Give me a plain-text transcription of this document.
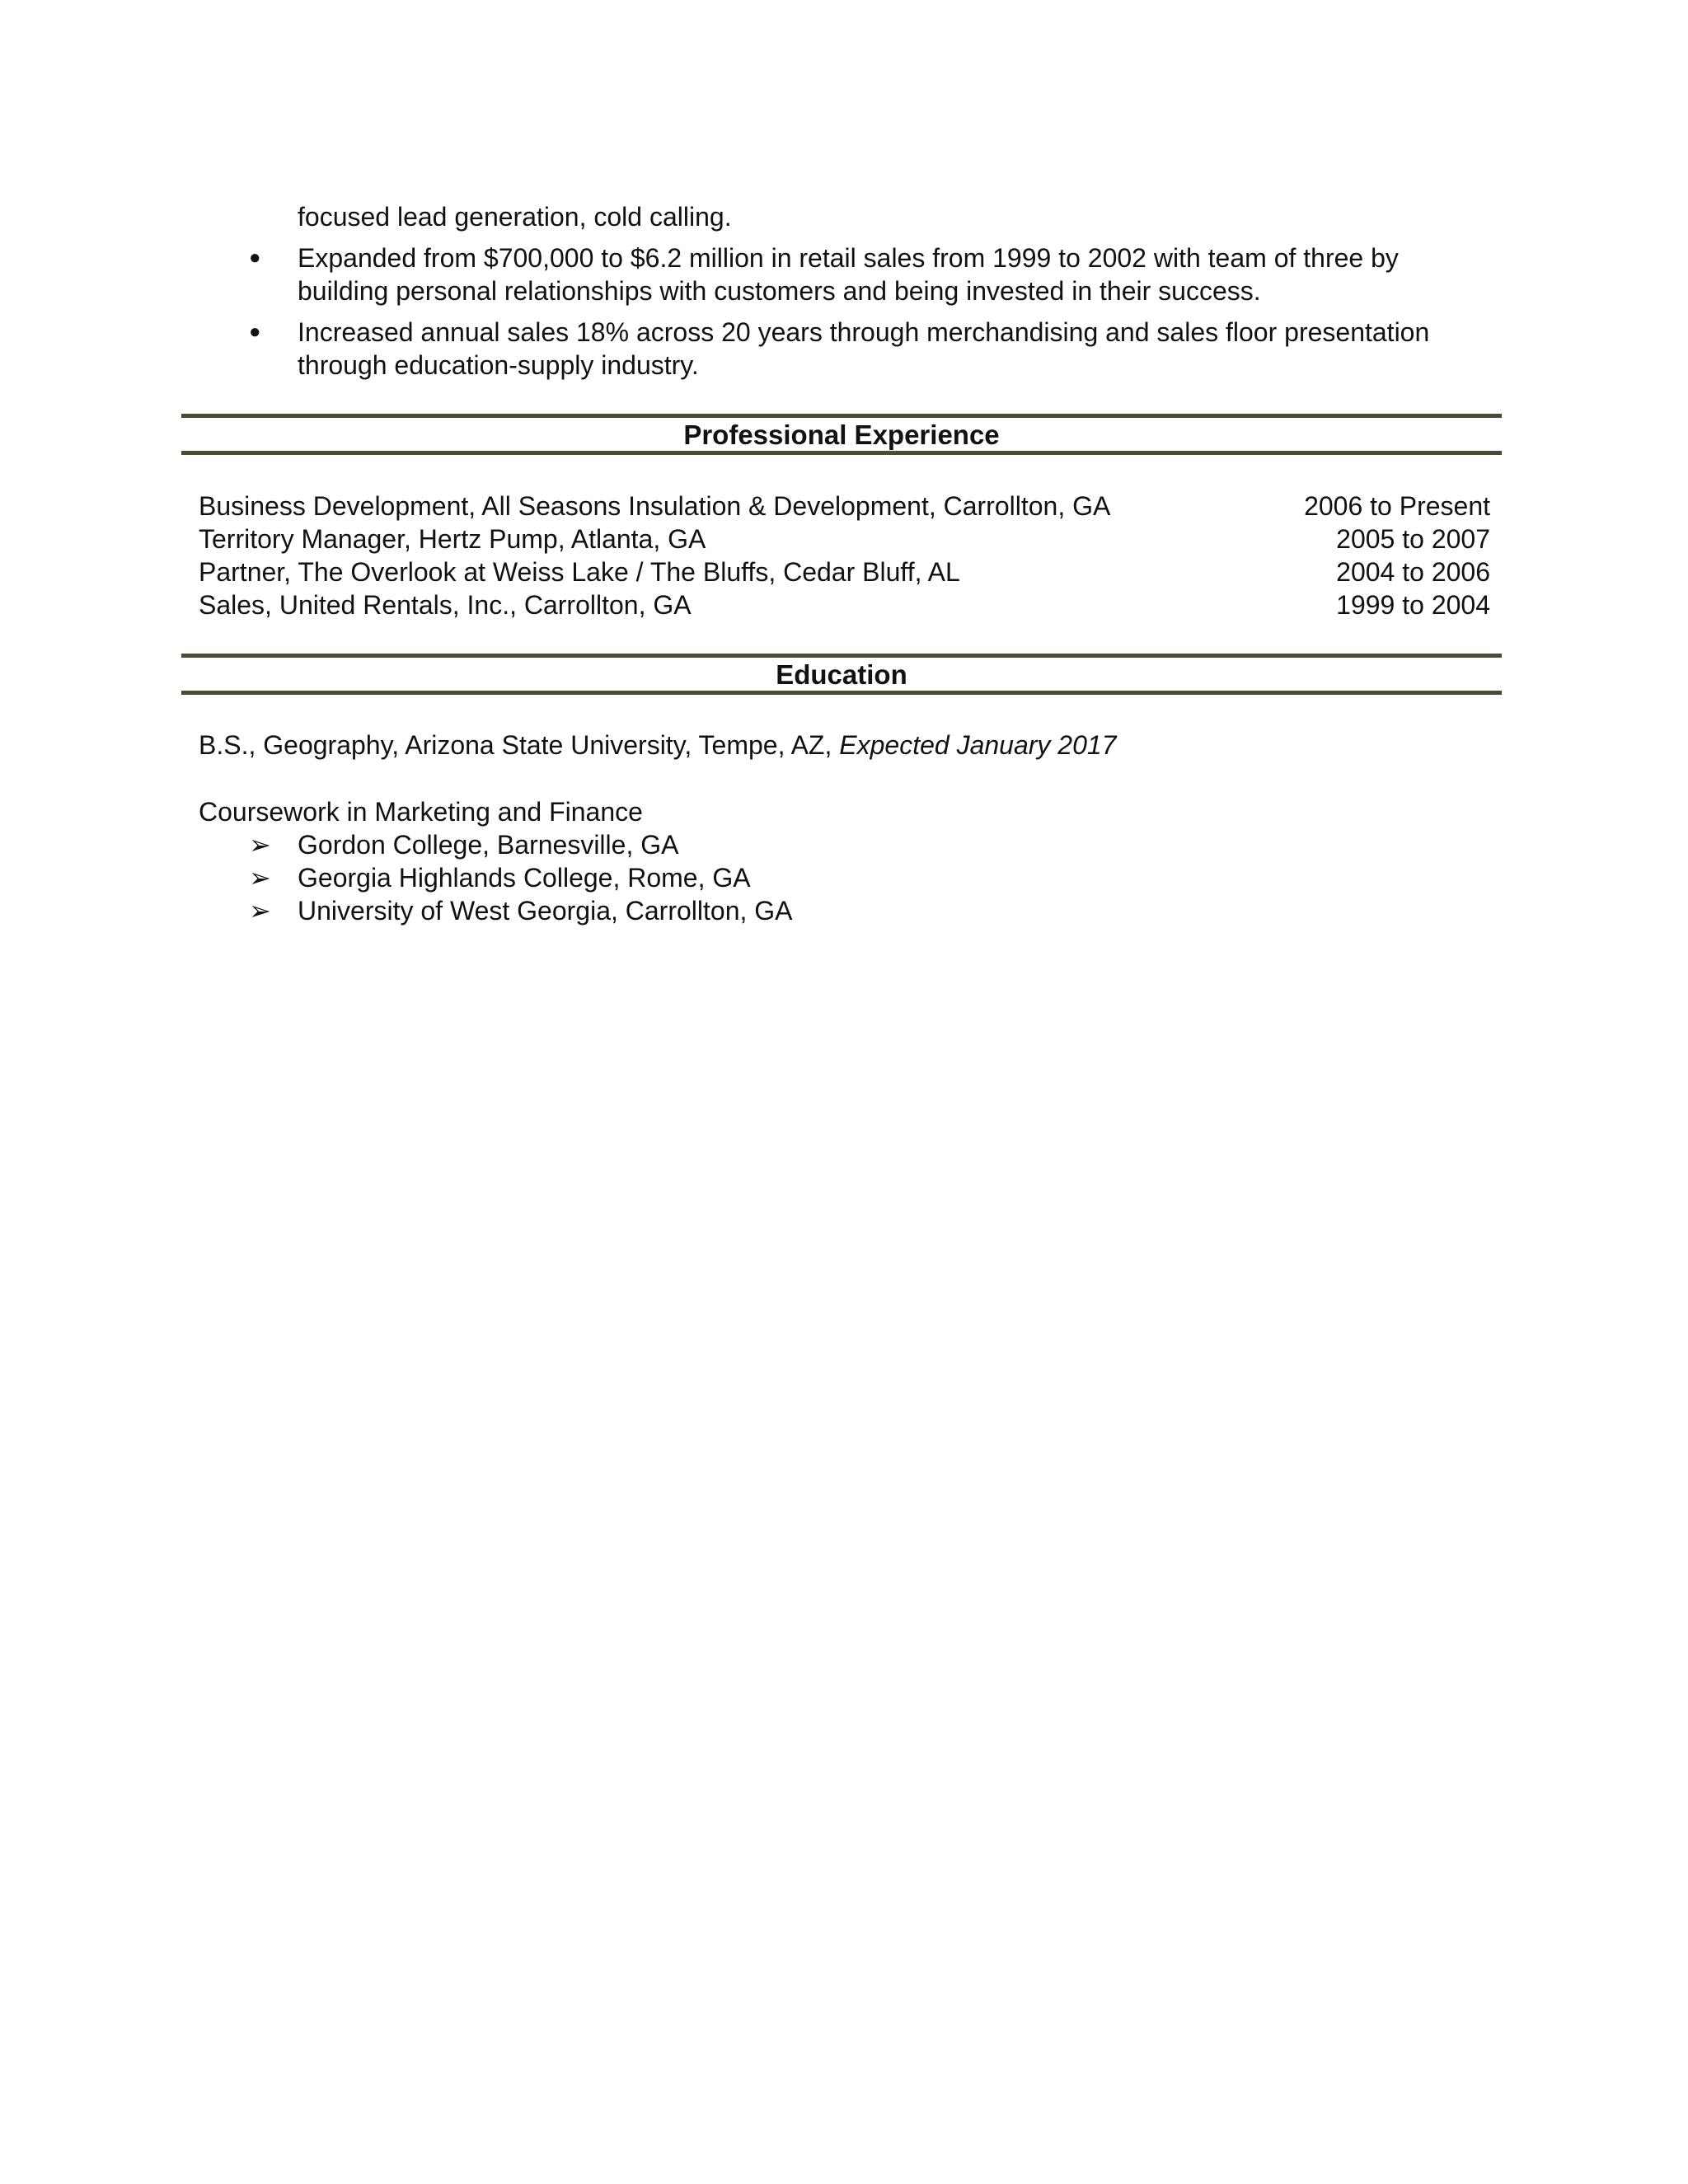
focused lead generation, cold calling.

● Expanded from $700,000 to $6.2 million in retail sales from 1999 to 2002 with team of three by building personal relationships with customers and being invested in their success.
● Increased annual sales 18% across 20 years through merchandising and sales floor presentation through education-supply industry.
Professional Experience
Business Development, All Seasons Insulation & Development, Carrollton, GA	2006 to Present
Territory Manager, Hertz Pump, Atlanta, GA	2005 to 2007
Partner, The Overlook at Weiss Lake / The Bluffs, Cedar Bluff, AL	2004 to 2006
Sales, United Rentals, Inc., Carrollton, GA	1999 to 2004
Education

B.S., Geography, Arizona State University, Tempe, AZ, Expected January 2017

Coursework in Marketing and Finance

➢ Gordon College, Barnesville, GA
➢ Georgia Highlands College, Rome, GA
➢ University of West Georgia, Carrollton, GA
